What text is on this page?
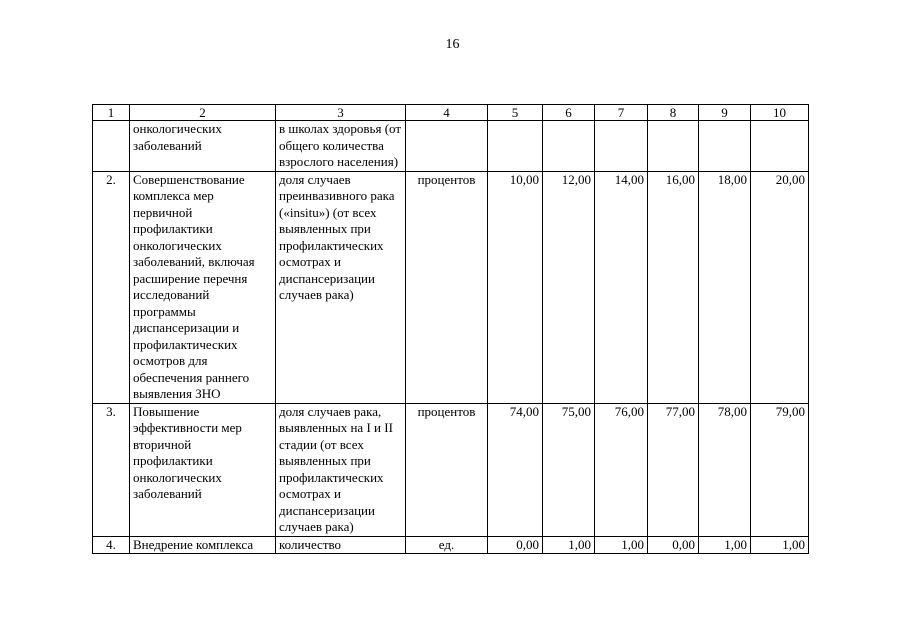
16
1	2	3	4	5	6	7	8	9	10
	онкологических заболеваний	в школах здоровья (от общего количества взрослого населения)							
2.	Совершенствование комплекса мер первичной профилактики онкологических заболеваний, включая расширение перечня исследований программы диспансеризации и профилактических осмотров для обеспечения раннего выявления ЗНО	доля случаев преинвазивного рака («insitu») (от всех выявленных при профилактических осмотрах и диспансеризации случаев рака)	процентов	10,00	12,00	14,00	16,00	18,00	20,00
3.	Повышение эффективности мер вторичной профилактики онкологических заболеваний	доля случаев рака, выявленных на I и II стадии (от всех выявленных при профилактических осмотрах и диспансеризации случаев рака)	процентов	74,00	75,00	76,00	77,00	78,00	79,00
4.	Внедрение комплекса	количество	ед.	0,00	1,00	1,00	0,00	1,00	1,00
